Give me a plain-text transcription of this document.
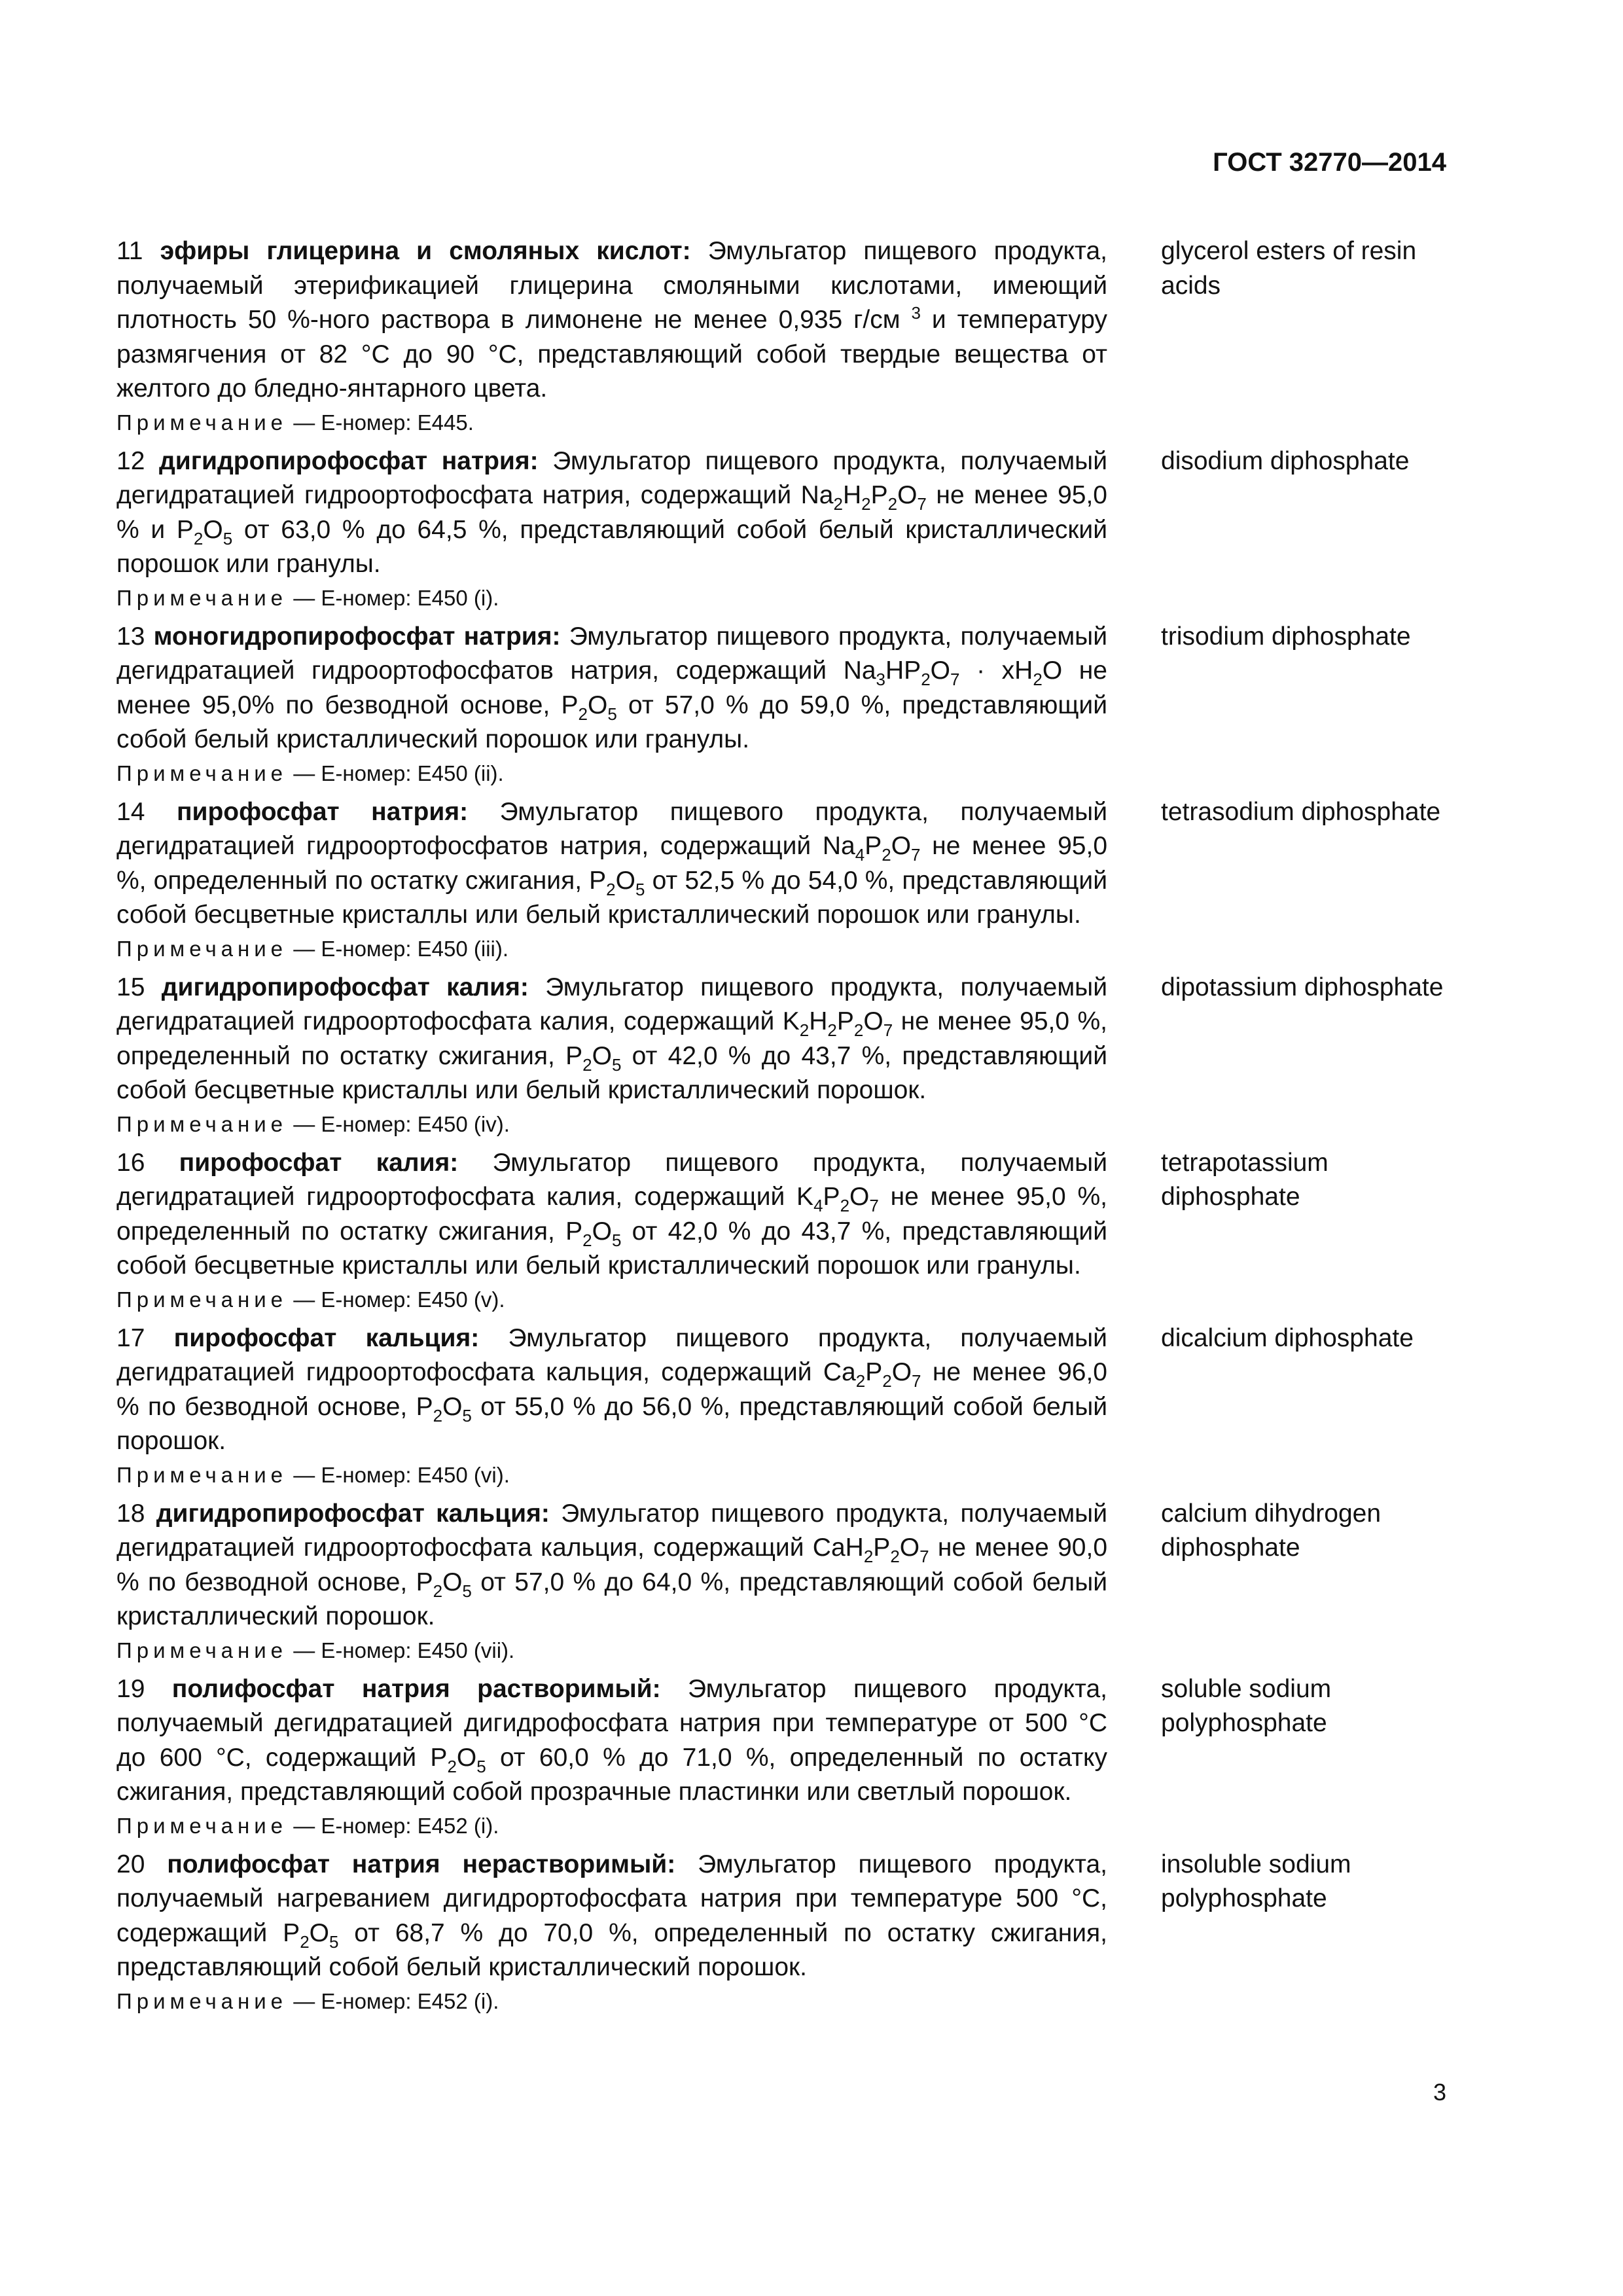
ГОСТ 32770—2014
11 эфиры глицерина и смоляных кислот: Эмульгатор пищевого продукта, получаемый этерификацией глицерина смоляными кислотами, имеющий плотность 50 %-ного раствора в лимонене не менее 0,935 г/см $^3$ и температуру размягчения от 82 °C до 90 °C, представляющий собой твердые вещества от желтого до бледно-янтарного цвета.
glycerol esters of resin acids
Примечание — Е-номер: Е445.
12 дигидропирофосфат натрия: Эмульгатор пищевого продукта, получаемый дегидратацией гидроортофосфата натрия, содержащий $Na_2H_2P_2O_7$ не менее 95,0 % и $P_2O_5$ от 63,0 % до 64,5 %, представляющий собой белый кристаллический порошок или гранулы.
disodium diphosphate
Примечание — Е-номер: Е450 (i).
13 моногидропирофосфат натрия: Эмульгатор пищевого продукта, получаемый дегидратацией гидроортофосфатов натрия, содержащий $Na_3HP_2O_7 \cdot xH_2O$ не менее 95,0% по безводной основе, $P_2O_5$ от 57,0 % до 59,0 %, представляющий собой белый кристаллический порошок или гранулы.
trisodium diphosphate
Примечание — Е-номер: Е450 (ii).
14 пирофосфат натрия: Эмульгатор пищевого продукта, получаемый дегидратацией гидроортофосфатов натрия, содержащий $Na_4P_2O_7$ не менее 95,0 %, определенный по остатку сжигания, $P_2O_5$ от 52,5 % до 54,0 %, представляющий собой бесцветные кристаллы или белый кристаллический порошок или гранулы.
tetrasodium diphosphate
Примечание — Е-номер: Е450 (iii).
15 дигидропирофосфат калия: Эмульгатор пищевого продукта, получаемый дегидратацией гидроортофосфата калия, содержащий $K_2H_2P_2O_7$ не менее 95,0 %, определенный по остатку сжигания, $P_2O_5$ от 42,0 % до 43,7 %, представляющий собой бесцветные кристаллы или белый кристаллический порошок.
dipotassium diphosphate
Примечание — Е-номер: Е450 (iv).
16 пирофосфат калия: Эмульгатор пищевого продукта, получаемый дегидратацией гидроортофосфата калия, содержащий $K_4P_2O_7$ не менее 95,0 %, определенный по остатку сжигания, $P_2O_5$ от 42,0 % до 43,7 %, представляющий собой бесцветные кристаллы или белый кристаллический порошок или гранулы.
tetrapotassium diphosphate
Примечание — Е-номер: Е450 (v).
17 пирофосфат кальция: Эмульгатор пищевого продукта, получаемый дегидратацией гидроортофосфата кальция, содержащий $Ca_2P_2O_7$ не менее 96,0 % по безводной основе, $P_2O_5$ от 55,0 % до 56,0 %, представляющий собой белый порошок.
dicalcium diphosphate
Примечание — Е-номер: Е450 (vi).
18 дигидропирофосфат кальция: Эмульгатор пищевого продукта, получаемый дегидратацией гидроортофосфата кальция, содержащий $CaH_2P_2O_7$ не менее 90,0 % по безводной основе, $P_2O_5$ от 57,0 % до 64,0 %, представляющий собой белый кристаллический порошок.
calcium dihydrogen diphosphate
Примечание — Е-номер: Е450 (vii).
19 полифосфат натрия растворимый: Эмульгатор пищевого продукта, получаемый дегидратацией дигидрофосфата натрия при температуре от 500 °C до 600 °C, содержащий $P_2O_5$ от 60,0 % до 71,0 %, определенный по остатку сжигания, представляющий собой прозрачные пластинки или светлый порошок.
soluble sodium polyphosphate
Примечание — Е-номер: Е452 (i).
20 полифосфат натрия нерастворимый: Эмульгатор пищевого продукта, получаемый нагреванием дигидрортофосфата натрия при температуре 500 °C, содержащий $P_2O_5$ от 68,7 % до 70,0 %, определенный по остатку сжигания, представляющий собой белый кристаллический порошок.
insoluble sodium polyphosphate
Примечание — Е-номер: Е452 (i).
3
